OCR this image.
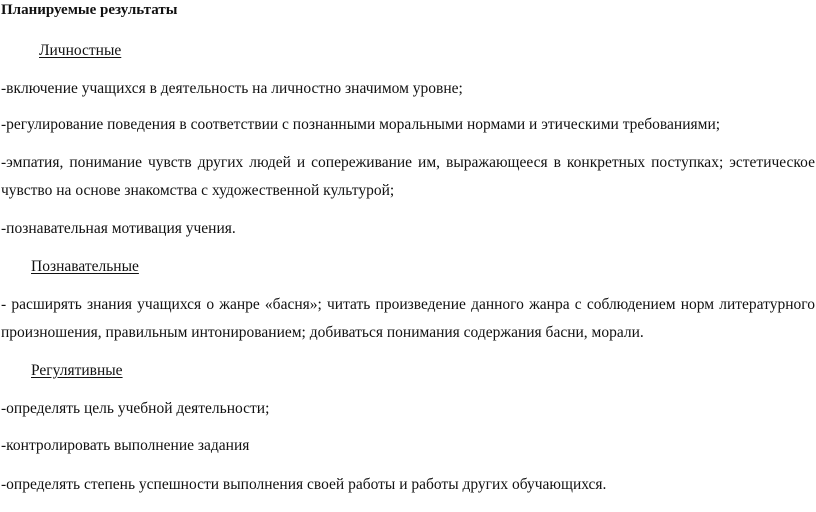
Планируемые результаты
Личностные
-включение учащихся в деятельность на личностно значимом уровне;
-регулирование поведения в соответствии с познанными моральными нормами и этическими требованиями;
-эмпатия, понимание чувств других людей и сопереживание им, выражающееся в конкретных поступках; эстетическое
чувство на основе знакомства с художественной культурой;
-познавательная мотивация учения.
Познавательные
- расширять знания учащихся о жанре «басня»; читать произведение данного жанра с соблюдением норм литературного
произношения, правильным интонированием; добиваться понимания содержания басни, морали.
Регулятивные
-определять цель учебной деятельности;
-контролировать выполнение задания
-определять степень успешности выполнения своей работы и работы других обучающихся.
